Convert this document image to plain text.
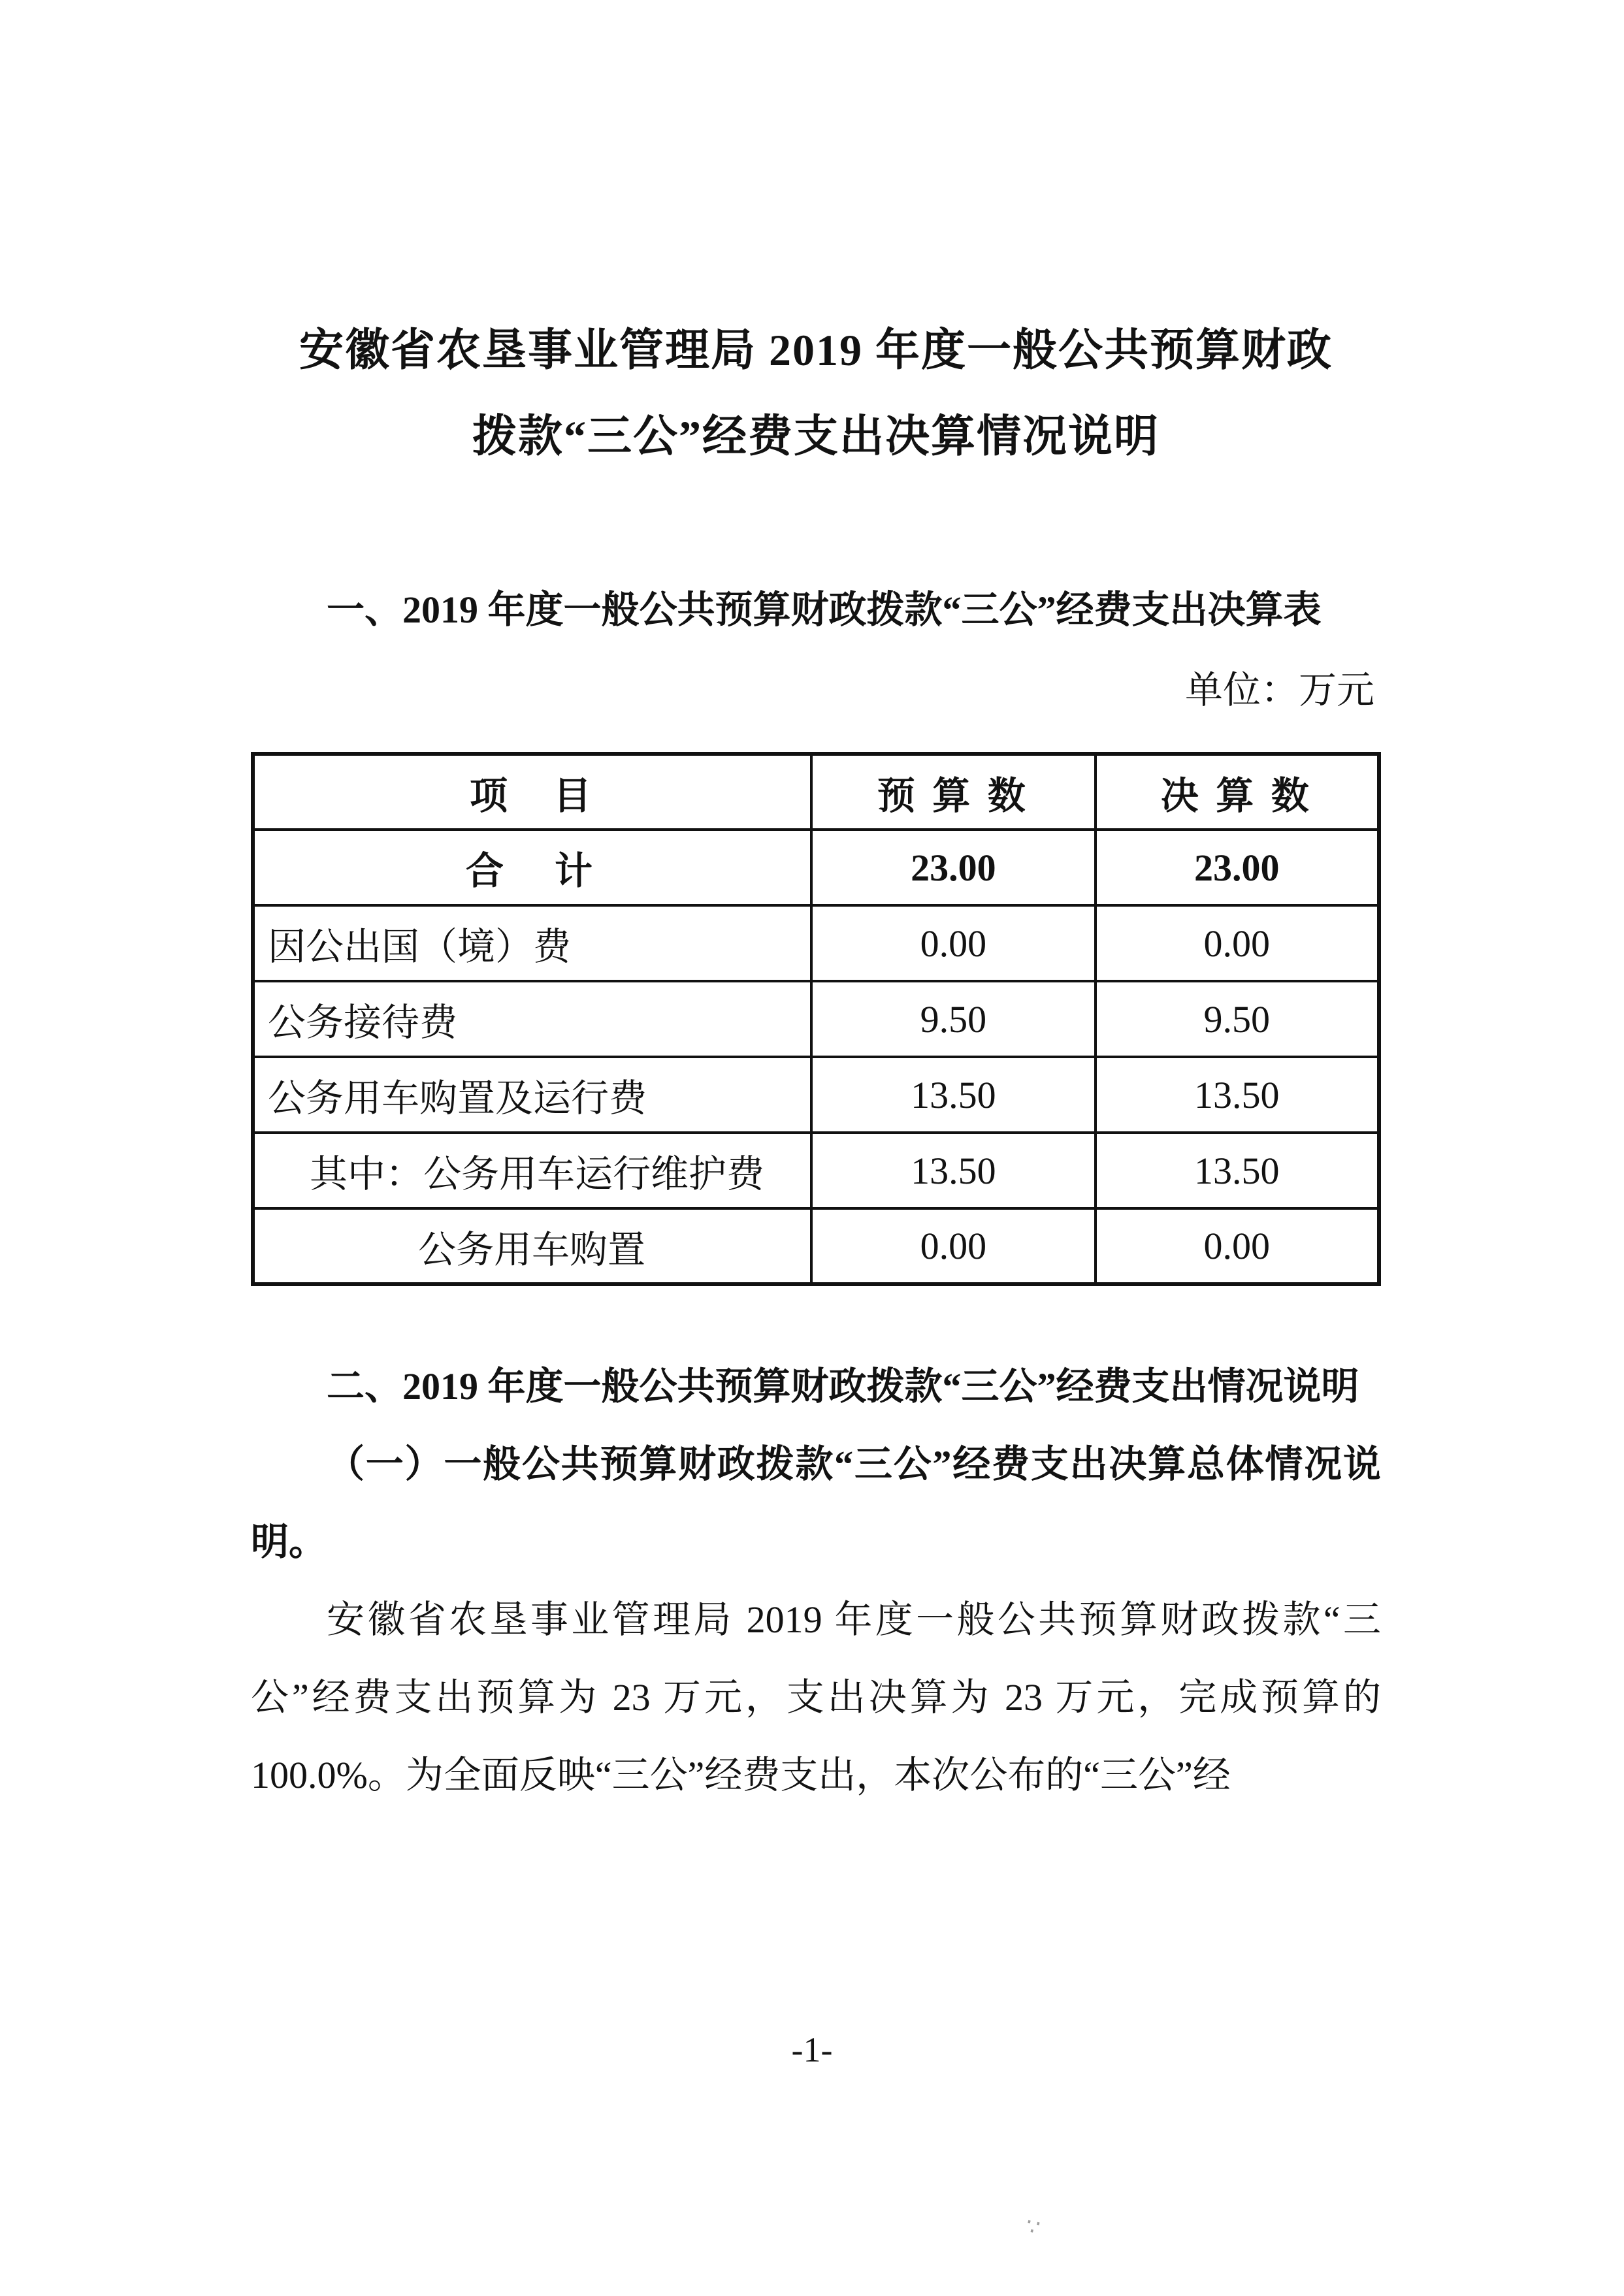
安徽省农垦事业管理局 2019 年度一般公共预算财政
拨款“三公”经费支出决算情况说明

一、2019 年度一般公共预算财政拨款“三公”经费支出决算表

单位：万元

项　目	预 算 数	决 算 数
合　计	23.00	23.00
因公出国（境）费	0.00	0.00
公务接待费	9.50	9.50
公务用车购置及运行费	13.50	13.50
其中：公务用车运行维护费	13.50	13.50
公务用车购置	0.00	0.00

二、2019 年度一般公共预算财政拨款“三公”经费支出情况说明

（一）一般公共预算财政拨款“三公”经费支出决算总体情况说明。

安徽省农垦事业管理局 2019 年度一般公共预算财政拨款“三公”经费支出预算为 23 万元，支出决算为 23 万元，完成预算的 100.0%。为全面反映“三公”经费支出，本次公布的“三公”经

-1-
∵
